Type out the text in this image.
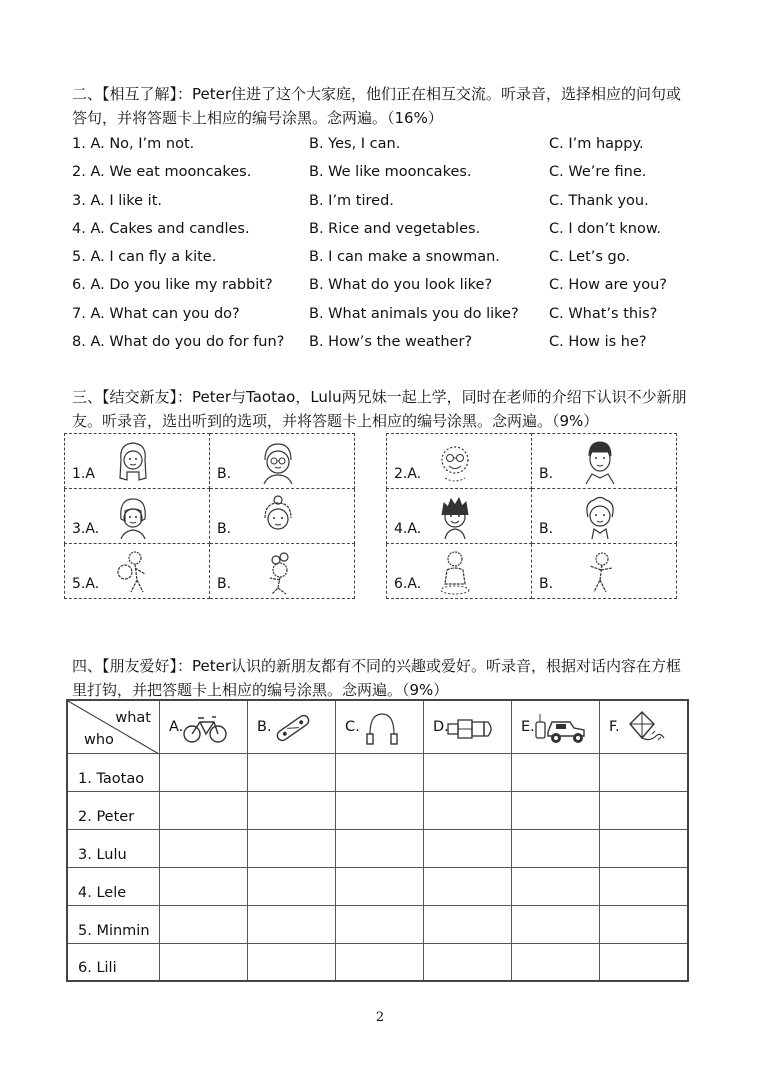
二、【相互了解】：Peter住进了这个大家庭，他们正在相互交流。听录音，选择相应的问句或答句，并将答题卡上相应的编号涂黑。念两遍。（16%）
1. A. No, I’m not.	B. Yes, I can.	C. I’m happy.
2. A. We eat mooncakes.	B. We like mooncakes.	C. We’re fine.
3. A. I like it.	B. I’m tired.	C. Thank you.
4. A. Cakes and candles.	B. Rice and vegetables.	C. I don’t know.
5. A. I can fly a kite.	B. I can make a snowman.	C. Let’s go.
6. A. Do you like my rabbit?	B. What do you look like?	C. How are you?
7. A. What can you do?	B. What animals you do like? C. What’s this?
8. A. What do you do for fun? B. How’s the weather?	C. How is he?
三、【结交新友】：Peter与Taotao，Lulu两兄妹一起上学，同时在老师的介绍下认识不少新朋友。听录音，选出听到的选项，并将答题卡上相应的编号涂黑。念两遍。（9%）
1.A	B.

3.A.	B.

5.A.	B.
2.A.	B.

4.A.	B.

6.A.	B.
四、【朋友爱好】：Peter认识的新朋友都有不同的兴趣或爱好。听录音，根据对话内容在方框里打钩，并把答题卡上相应的编号涂黑。念两遍。（9%）
what
who	A.	B.	C.	D.	E.	F.

1. Taotao						

2. Peter						

3. Lulu						

4. Lele						

5. Minmin						

6. Lili						

2
